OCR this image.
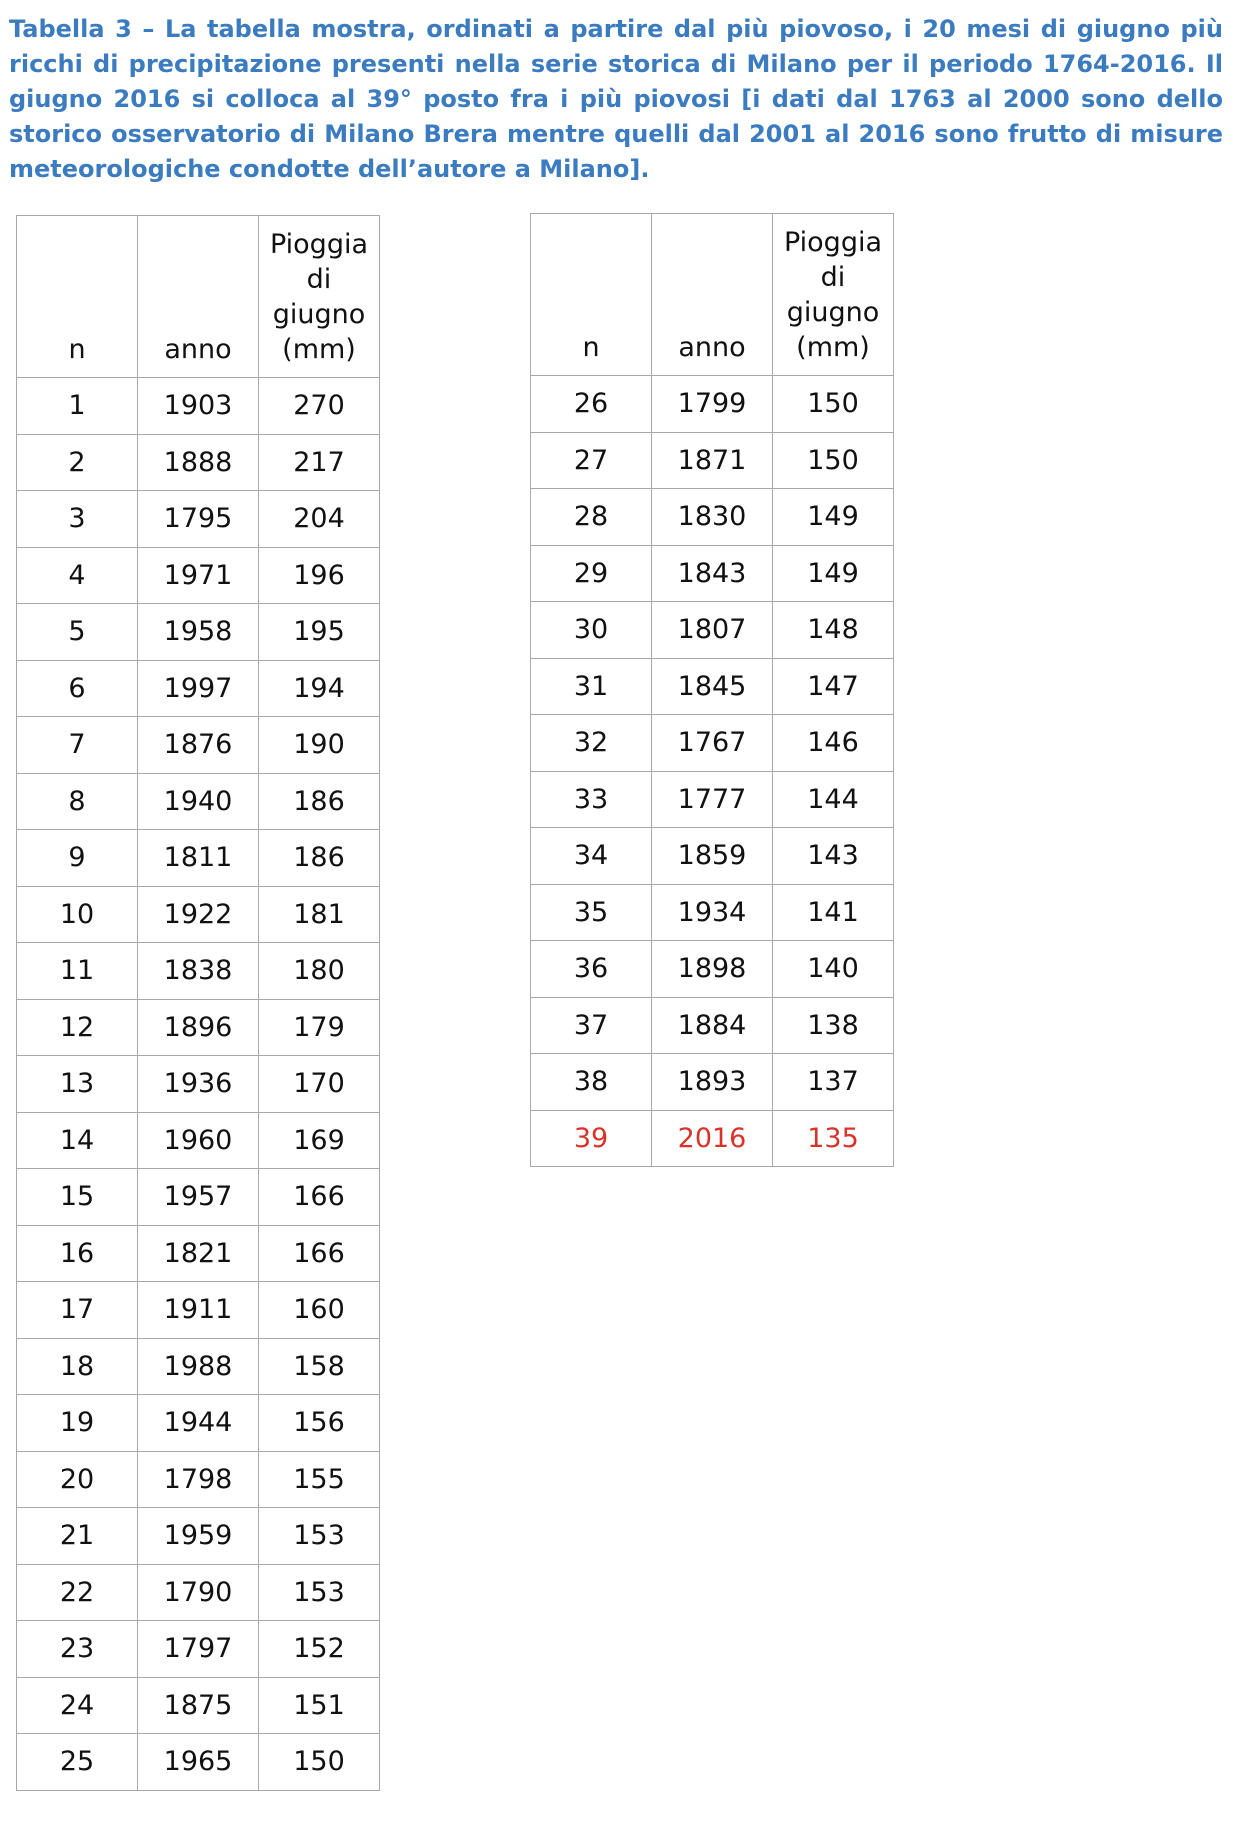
Tabella 3 – La tabella mostra, ordinati a partire dal più piovoso, i 20 mesi di giugno più ricchi di precipitazione presenti nella serie storica di Milano per il periodo 1764-2016. Il giugno 2016 si colloca al 39° posto fra i più piovosi [i dati dal 1763 al 2000 sono dello storico osservatorio di Milano Brera mentre quelli dal 2001 al 2016 sono frutto di misure meteorologiche condotte dell’autore a Milano].

n	anno	Pioggia di giugno (mm)
1	1903	270
2	1888	217
3	1795	204
4	1971	196
5	1958	195
6	1997	194
7	1876	190
8	1940	186
9	1811	186
10	1922	181
11	1838	180
12	1896	179
13	1936	170
14	1960	169
15	1957	166
16	1821	166
17	1911	160
18	1988	158
19	1944	156
20	1798	155
21	1959	153
22	1790	153
23	1797	152
24	1875	151
25	1965	150
n	anno	Pioggia di giugno (mm)
26	1799	150
27	1871	150
28	1830	149
29	1843	149
30	1807	148
31	1845	147
32	1767	146
33	1777	144
34	1859	143
35	1934	141
36	1898	140
37	1884	138
38	1893	137
39	2016	135
